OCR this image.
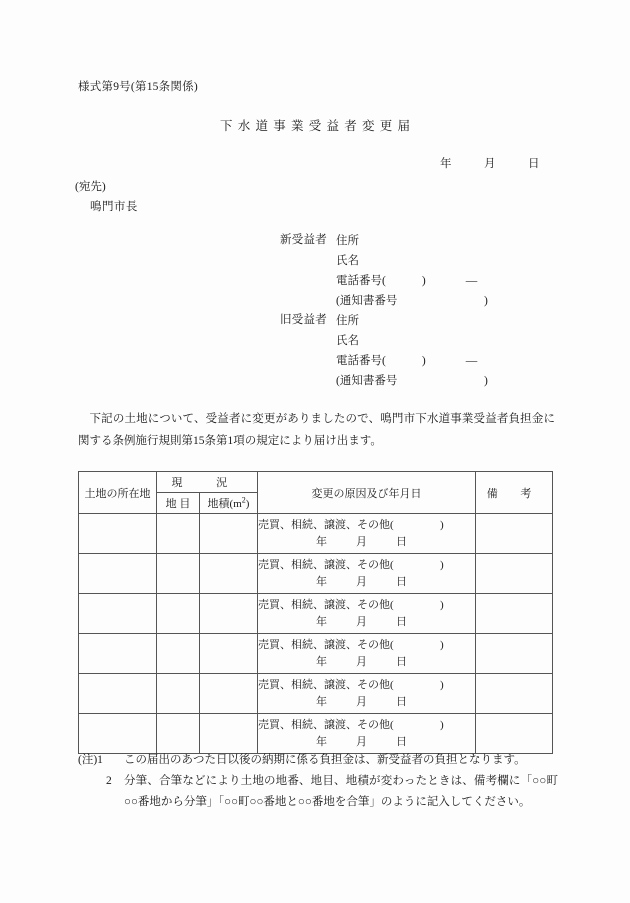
様式第9号(第15条関係)
下水道事業受益者変更届
年	月	日
(宛先)
鳴門市長
新受益者 住所
氏名
電話番号(	)	—
(通知書番号	)
旧受益者 住所
氏名
電話番号(	)	—
(通知書番号	)
下記の土地について、受益者に変更がありましたので、鳴門市下水道事業受益者負担金に関する条例施行規則第15条第1項の規定により届け出ます。
土地の所在地	現 況		変更の原因及び年月日	備 考
	地 目	地積$(m^2)$		

			売買、相続、譲渡、その他( )
年 月 日	

			売買、相続、譲渡、その他( )
年 月 日	

			売買、相続、譲渡、その他( )
年 月 日	

			売買、相続、譲渡、その他( )
年 月 日	

			売買、相続、譲渡、その他( )
年 月 日	

			売買、相続、譲渡、その他( )
年 月 日	

(注)1	この届出のあつた日以後の納期に係る負担金は、新受益者の負担となります。
2	分筆、合筆などにより土地の地番、地目、地積が変わったときは、備考欄に「○○町○○番地から分筆」「○○町○○番地と○○番地を合筆」のように記入してください。
